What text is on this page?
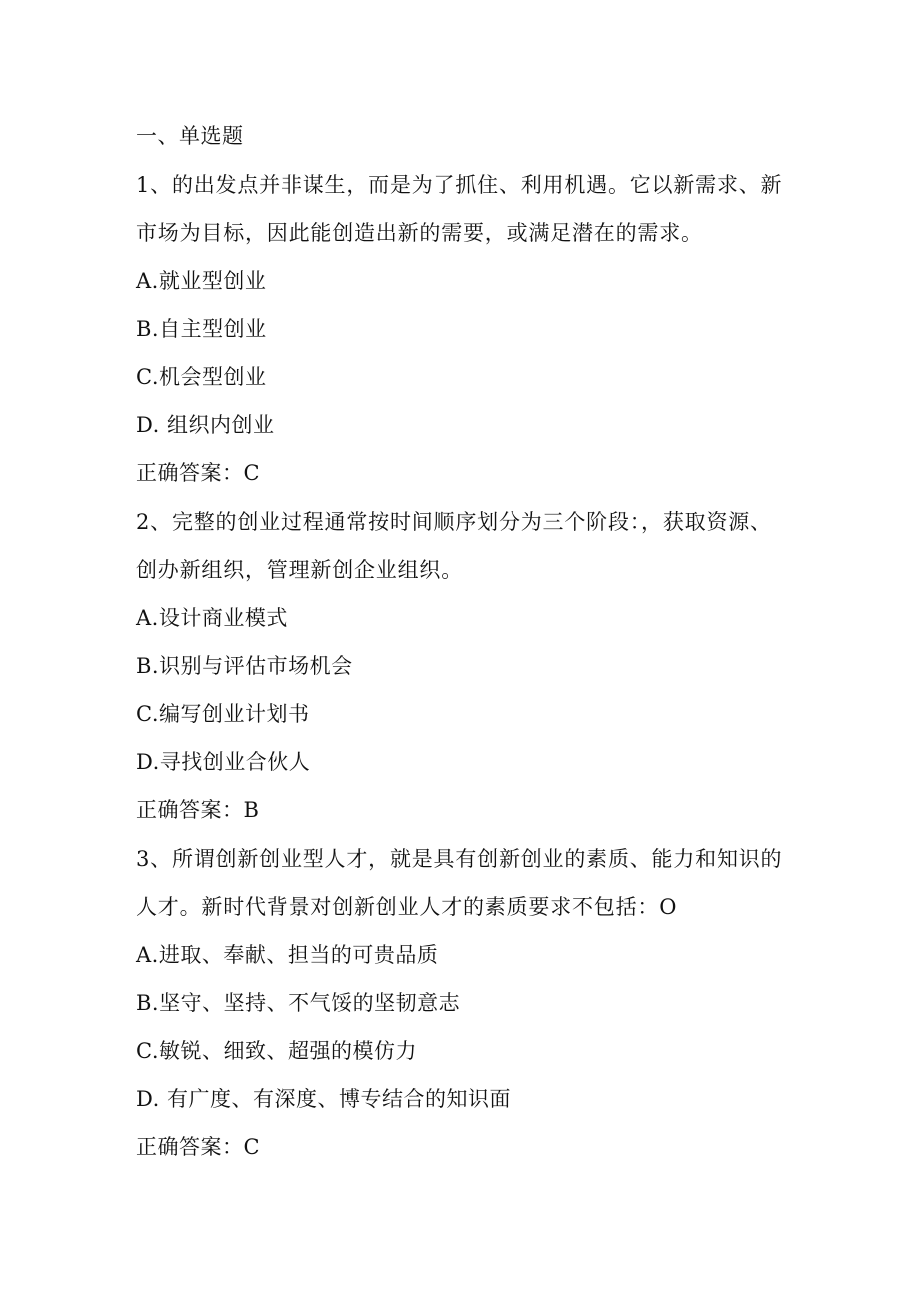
一、单选题
1、的出发点并非谋生，而是为了抓住、利用机遇。它以新需求、新市场为目标，因此能创造出新的需要，或满足潜在的需求。
A.就业型创业
B.自主型创业
C.机会型创业
D. 组织内创业
正确答案：C
2、完整的创业过程通常按时间顺序划分为三个阶段：，获取资源、创办新组织，管理新创企业组织。
A.设计商业模式
B.识别与评估市场机会
C.编写创业计划书
D.寻找创业合伙人
正确答案：B
3、所谓创新创业型人才，就是具有创新创业的素质、能力和知识的人才。新时代背景对创新创业人才的素质要求不包括：O
A.进取、奉献、担当的可贵品质
B.坚守、坚持、不气馁的坚韧意志
C.敏锐、细致、超强的模仿力
D. 有广度、有深度、博专结合的知识面
正确答案：C
